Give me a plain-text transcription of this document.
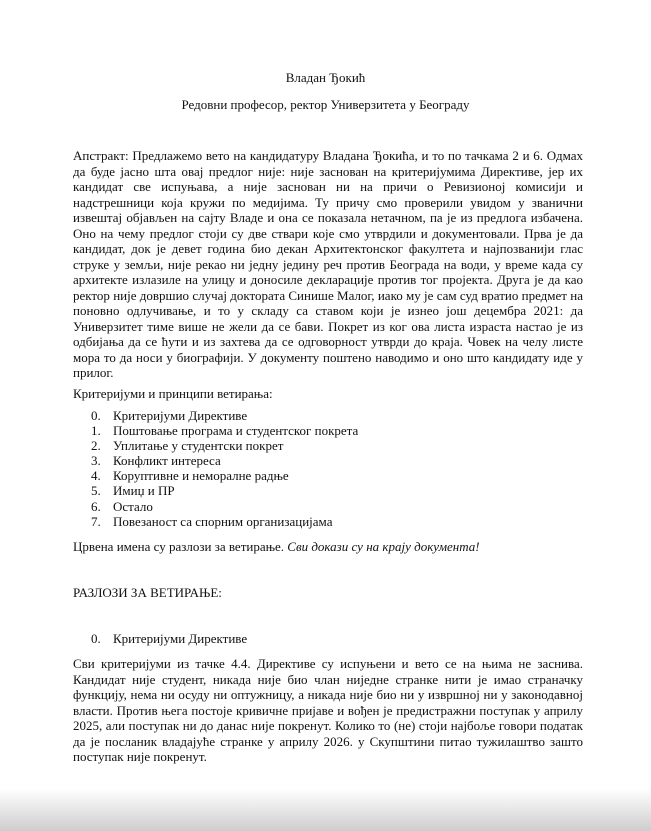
Владан Ђокић
Редовни професор, ректор Универзитета у Београду
Апстракт: Предлажемо вето на кандидатуру Владана Ђокића, и то по тачкама 2 и 6. Одмах да буде јасно шта овај предлог није: није заснован на критеријумима Директиве, јер их кандидат све испуњава, а није заснован ни на причи о Ревизионој комисији и надстрешници која кружи по медијима. Ту причу смо проверили увидом у званични извештај објављен на сајту Владе и она се показала нетачном, па је из предлога избачена. Оно на чему предлог стоји су две ствари које смо утврдили и документовали. Прва је да кандидат, док је девет година био декан Архитектонског факултета и најпозванији глас струке у земљи, није рекао ни једну једину реч против Београда на води, у време када су архитекте излазиле на улицу и доносиле декларације против тог пројекта. Друга је да као ректор није довршио случај доктората Синише Малог, иако му је сам суд вратио предмет на поновно одлучивање, и то у складу са ставом који је изнео још децембра 2021: да Универзитет тиме више не жели да се бави. Покрет из ког ова листа израста настао је из одбијања да се ћути и из захтева да се одговорност утврди до краја. Човек на челу листе мора то да носи у биографији. У документу поштено наводимо и оно што кандидату иде у прилог.
Критеријуми и принципи ветирања:
0. Критеријуми Директиве
1. Поштовање програма и студентског покрета
2. Уплитање у студентски покрет
3. Конфликт интереса
4. Коруптивне и неморалне радње
5. Имиџ и ПР
6. Остало
7. Повезаност са спорним организацијама
Црвена имена су разлози за ветирање. Сви докази су на крају документа!
РАЗЛОЗИ ЗА ВЕТИРАЊЕ:
0. Критеријуми Директиве
Сви критеријуми из тачке 4.4. Директиве су испуњени и вето се на њима не заснива. Кандидат није студент, никада није био члан ниједне странке нити је имао страначку функцију, нема ни осуду ни оптужницу, а никада није био ни у извршној ни у законодавној власти. Против њега постоје кривичне пријаве и вођен је предистражни поступак у априлу 2025, али поступак ни до данас није покренут. Колико то (не) стоји најбоље говори податак да је посланик владајуће странке у априлу 2026. у Скупштини питао тужилаштво зашто поступак није покренут.
